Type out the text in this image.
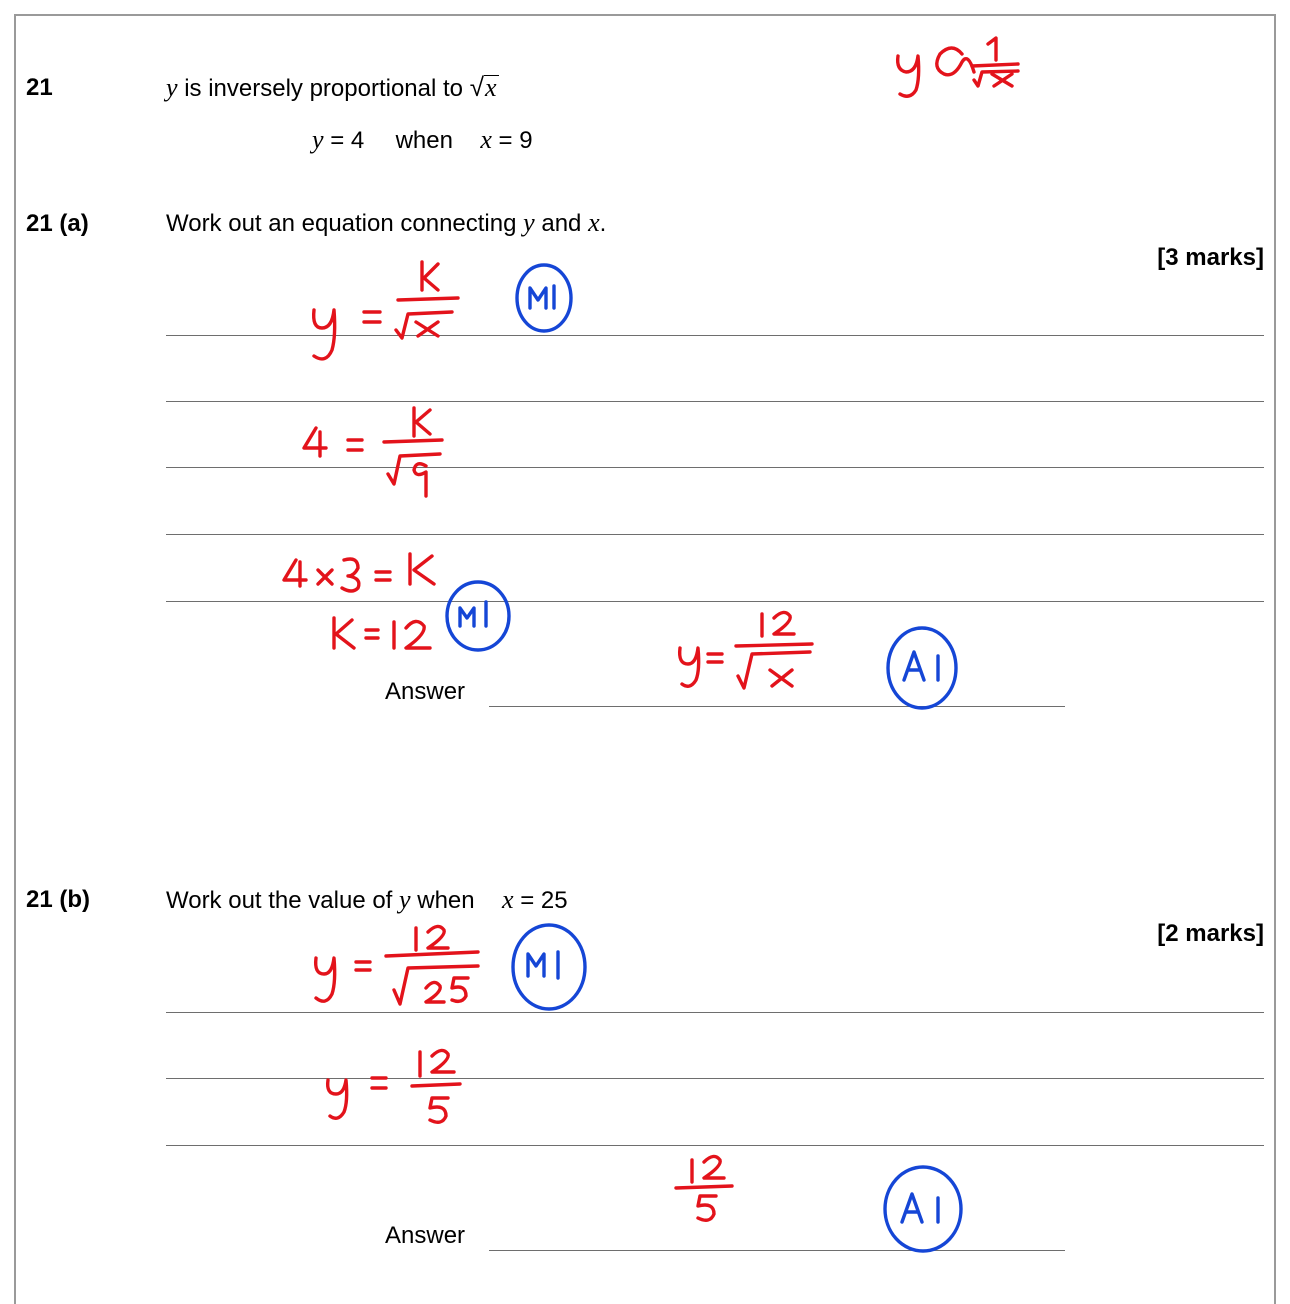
21	y is inversely proportional to √x
y = 4 when x = 9
21 (a)	Work out an equation connecting y and x.
[3 marks]
Answer
21 (b)	Work out the value of y when x = 25
[2 marks]
Answer
